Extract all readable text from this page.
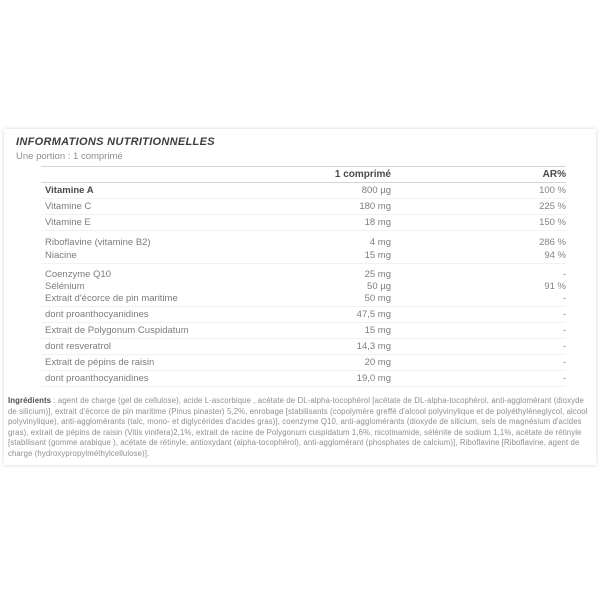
INFORMATIONS NUTRITIONNELLES
Une portion : 1 comprimé
	1 comprimé	AR%
Vitamine A	800 µg	100 %
Vitamine C	180 mg	225 %
Vitamine E	18 mg	150 %
Riboflavine (vitamine B2)	4 mg	286 %
Niacine	15 mg	94 %
Coenzyme Q10	25 mg	-
Sélénium	50 µg	91 %
Extrait d'écorce de pin maritime	50 mg	-
dont proanthocyanidines	47,5 mg	-
Extrait de Polygonum Cuspidatum	15 mg	-
dont resveratrol	14,3 mg	-
Extrait de pépins de raisin	20 mg	-
dont proanthocyanidines	19,0 mg	-
Ingrédients : agent de charge (gel de cellulose), acide L-ascorbique , acétate de DL-alpha-tocophérol [acétate de DL-alpha-tocophérol, anti-agglomérant (dioxyde de silicium)], extrait d'écorce de pin maritime (Pinus pinaster) 5,2%, enrobage [stabilisants (copolymère greffé d'alcool polyvinylique et de polyéthylèneglycol, alcool polyvinylique), anti-agglomérants (talc, mono- et diglycérides d'acides gras)], coenzyme Q10, anti-agglomérants (dioxyde de silicium, sels de magnésium d'acides gras), extrait de pépins de raisin (Vitis vinifera)2,1%, extrait de racine de Polygonum cuspidatum 1,6%, nicotinamide, sélénite de sodium 1,1%, acétate de rétinyle [stabilisant (gomme arabique ), acétate de rétinyle, antioxydant (alpha-tocophérol), anti-agglomérant (phosphates de calcium)], Riboflavine [Riboflavine, agent de charge (hydroxypropylméthylcellulose)].
